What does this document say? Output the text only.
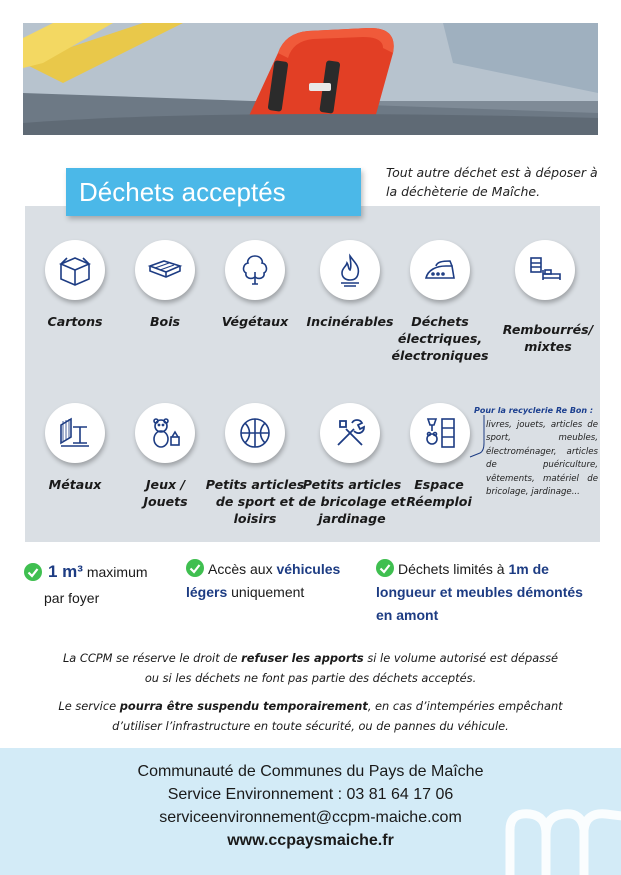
Tout autre déchet est à déposer à la déchèterie de Maîche.
Déchets acceptés
Cartons	Bois	Végétaux	Incinérables	Déchets électriques, électroniques
Rembourrés/ mixtes
Métaux	Jeux / Jouets
Petits articles de sport et loisirs
Petits articles de bricolage et jardinage
Espace Réemploi
Pour la recyclerie Re Bon :
livres, jouets, articles de sport, meubles, électroménager, articles de puériculture, vêtements, matériel de bricolage, jardinage...
1 m³ maximum
par foyer
Accès aux véhicules
légers uniquement
Déchets limités à 1m de
longueur et meubles démontés
en amont
La CCPM se réserve le droit de refuser les apports si le volume autorisé est dépassé
ou si les déchets ne font pas partie des déchets acceptés.
Le service pourra être suspendu temporairement, en cas d’intempéries empêchant
d’utiliser l’infrastructure en toute sécurité, ou de pannes du véhicule.
Communauté de Communes du Pays de Maîche
Service Environnement : 03 81 64 17 06
serviceenvironnement@ccpm-maiche.com
www.ccpaysmaiche.fr
